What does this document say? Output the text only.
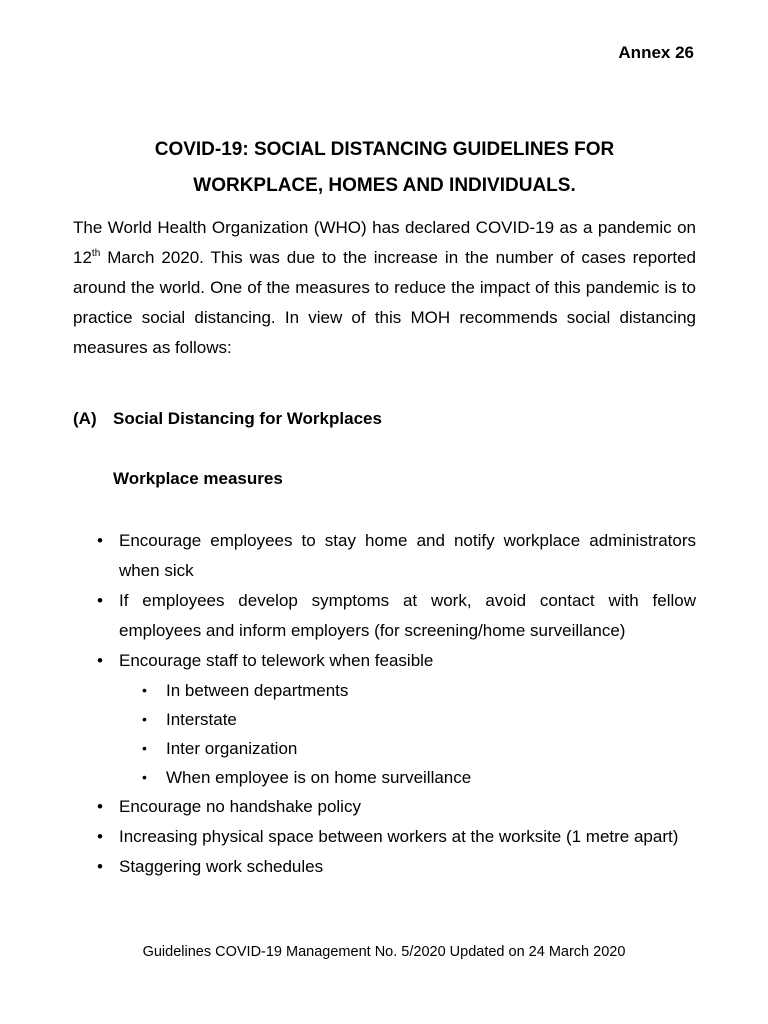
Annex 26
COVID-19: SOCIAL DISTANCING GUIDELINES FOR
WORKPLACE, HOMES AND INDIVIDUALS.

The World Health Organization (WHO) has declared COVID-19 as a pandemic on 12th March 2020. This was due to the increase in the number of cases reported around the world. One of the measures to reduce the impact of this pandemic is to practice social distancing. In view of this MOH recommends social distancing measures as follows:

(A) Social Distancing for Workplaces
Workplace measures
• Encourage employees to stay home and notify workplace administrators when sick
• If employees develop symptoms at work, avoid contact with fellow employees and inform employers (for screening/home surveillance)
• Encourage staff to telework when feasible
• In between departments
• Interstate
• Inter organization
• When employee is on home surveillance
• Encourage no handshake policy
• Increasing physical space between workers at the worksite (1 metre apart)
• Staggering work schedules
Guidelines COVID-19 Management No. 5/2020 Updated on 24 March 2020
